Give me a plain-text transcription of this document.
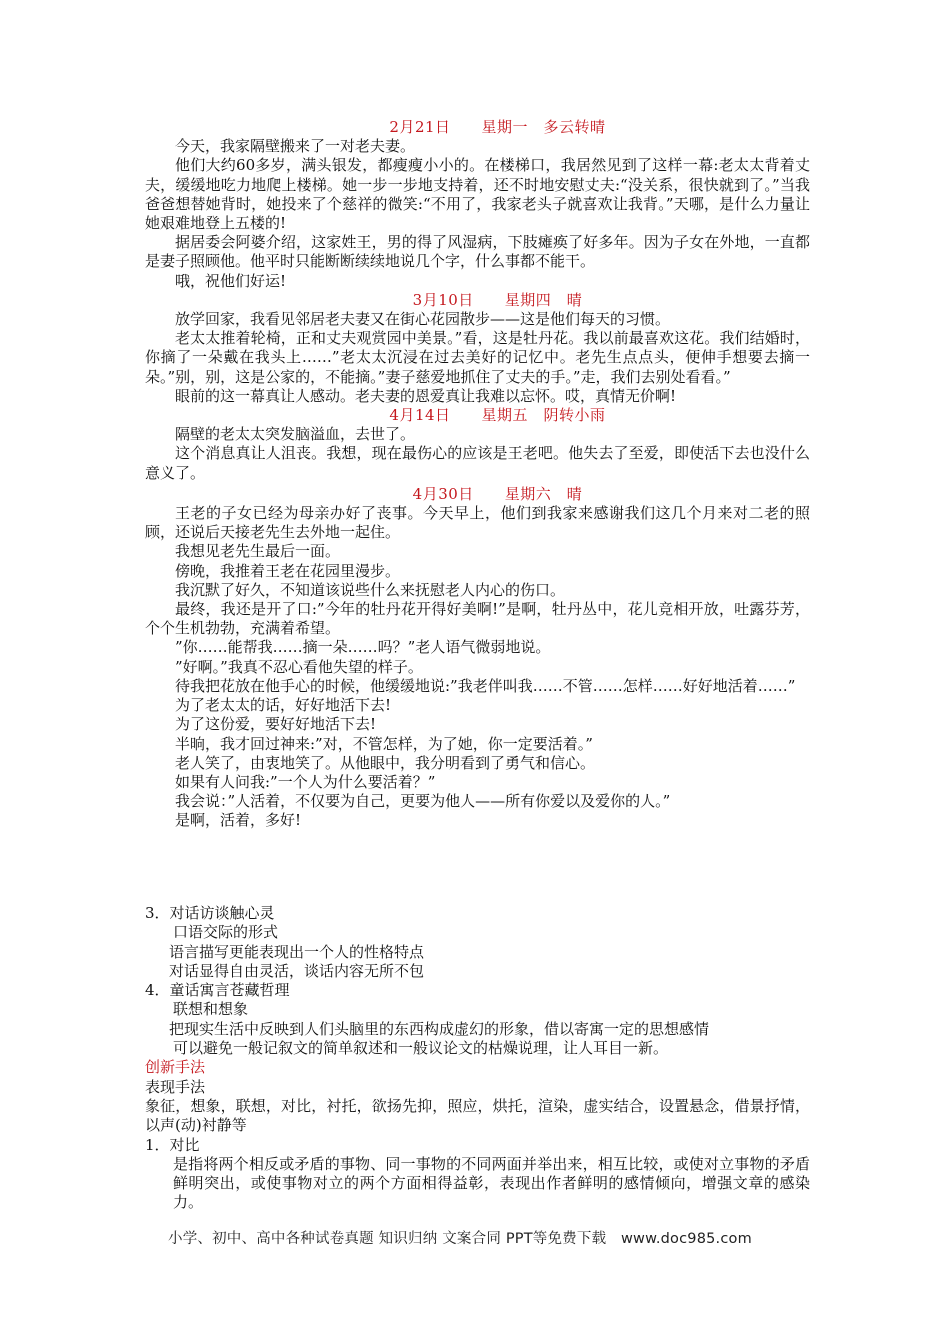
2月21日　　星期一　多云转晴

今天，我家隔壁搬来了一对老夫妻。

他们大约60多岁，满头银发，都瘦瘦小小的。在楼梯口，我居然见到了这样一幕:老太太背着丈夫，缓缓地吃力地爬上楼梯。她一步一步地支持着，还不时地安慰丈夫:“没关系，很快就到了。”当我爸爸想替她背时，她投来了个慈祥的微笑:“不用了，我家老头子就喜欢让我背。”天哪，是什么力量让她艰难地登上五楼的!

据居委会阿婆介绍，这家姓王，男的得了风湿病，下肢瘫痪了好多年。因为子女在外地，一直都是妻子照顾他。他平时只能断断续续地说几个字，什么事都不能干。

哦，祝他们好运!

3月10日　　星期四　晴

放学回家，我看见邻居老夫妻又在街心花园散步——这是他们每天的习惯。

老太太推着轮椅，正和丈夫观赏园中美景。”看，这是牡丹花。我以前最喜欢这花。我们结婚时，你摘了一朵戴在我头上……”老太太沉浸在过去美好的记忆中。老先生点点头，便伸手想要去摘一朵。”别，别，这是公家的，不能摘。”妻子慈爱地抓住了丈夫的手。”走，我们去别处看看。”

眼前的这一幕真让人感动。老夫妻的恩爱真让我难以忘怀。哎，真情无价啊!

4月14日　　星期五　阴转小雨

隔壁的老太太突发脑溢血，去世了。

这个消息真让人沮丧。我想，现在最伤心的应该是王老吧。他失去了至爱，即使活下去也没什么意义了。

4月30日　　星期六　晴

王老的子女已经为母亲办好了丧事。今天早上，他们到我家来感谢我们这几个月来对二老的照顾，还说后天接老先生去外地一起住。

我想见老先生最后一面。

傍晚，我推着王老在花园里漫步。

我沉默了好久，不知道该说些什么来抚慰老人内心的伤口。

最终，我还是开了口:”今年的牡丹花开得好美啊!”是啊，牡丹丛中，花儿竞相开放，吐露芬芳，个个生机勃勃，充满着希望。

”你……能帮我……摘一朵……吗？”老人语气微弱地说。

”好啊。”我真不忍心看他失望的样子。

待我把花放在他手心的时候，他缓缓地说:”我老伴叫我……不管……怎样……好好地活着……”

为了老太太的话，好好地活下去!

为了这份爱，要好好地活下去!

半晌，我才回过神来:”对，不管怎样，为了她，你一定要活着。”

老人笑了，由衷地笑了。从他眼中，我分明看到了勇气和信心。

如果有人问我:”一个人为什么要活着？”

我会说：”人活着，不仅要为自己，更要为他人——所有你爱以及爱你的人。”

是啊，活着，多好!

3．对话访谈触心灵

口语交际的形式

语言描写更能表现出一个人的性格特点

对话显得自由灵活，谈话内容无所不包

4．童话寓言苍藏哲理

联想和想象

把现实生活中反映到人们头脑里的东西构成虚幻的形象，借以寄寓一定的思想感情

可以避免一般记叙文的简单叙述和一般议论文的枯燥说理，让人耳目一新。

创新手法

表现手法

象征，想象，联想，对比，衬托，欲扬先抑，照应，烘托，渲染，虚实结合，设置悬念，借景抒情，以声(动)衬静等

1．对比

是指将两个相反或矛盾的事物、同一事物的不同两面并举出来，相互比较，或使对立事物的矛盾鲜明突出，或使事物对立的两个方面相得益彰，表现出作者鲜明的感情倾向，增强文章的感染力。

小学、初中、高中各种试卷真题 知识归纳 文案合同 PPT等免费下载　www.doc985.com
